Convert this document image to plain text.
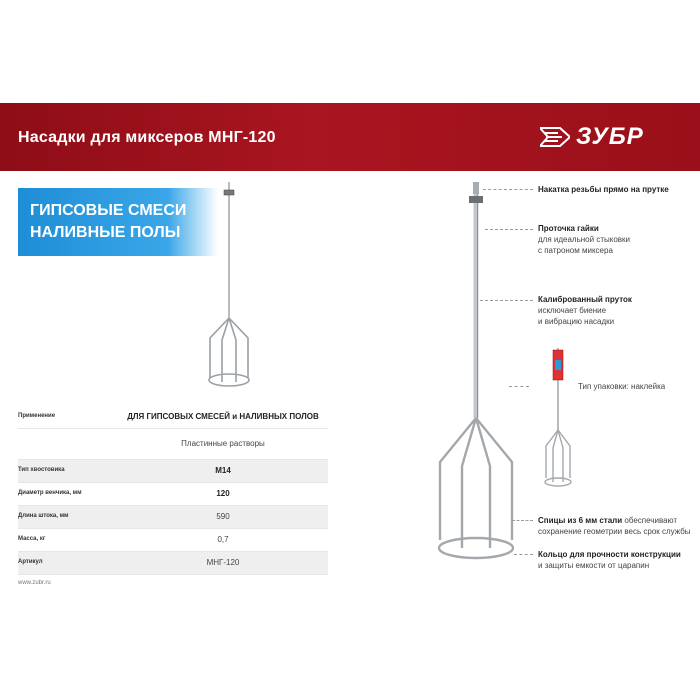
Насадки для миксеров МНГ-120	ЗУБР
ГИПСОВЫЕ СМЕСИ
НАЛИВНЫЕ ПОЛЫ
Применение	ДЛЯ ГИПСОВЫХ СМЕСЕЙ и НАЛИВНЫХ ПОЛОВ
Пластинные растворы
Тип хвостовика	М14
Диаметр венчика, мм	120
Длина штока, мм	590
Масса, кг	0,7
Артикул	МНГ-120
www.zubr.ru
Накатка резьбы прямо на прутке
Проточка гайки
для идеальной стыковки
с патроном миксера
Калиброванный пруток
исключает биение
и вибрацию насадки
Тип упаковки: наклейка
Спицы из 6 мм стали обеспечивают
сохранение геометрии весь срок службы
Кольцо для прочности конструкции
и защиты емкости от царапин
